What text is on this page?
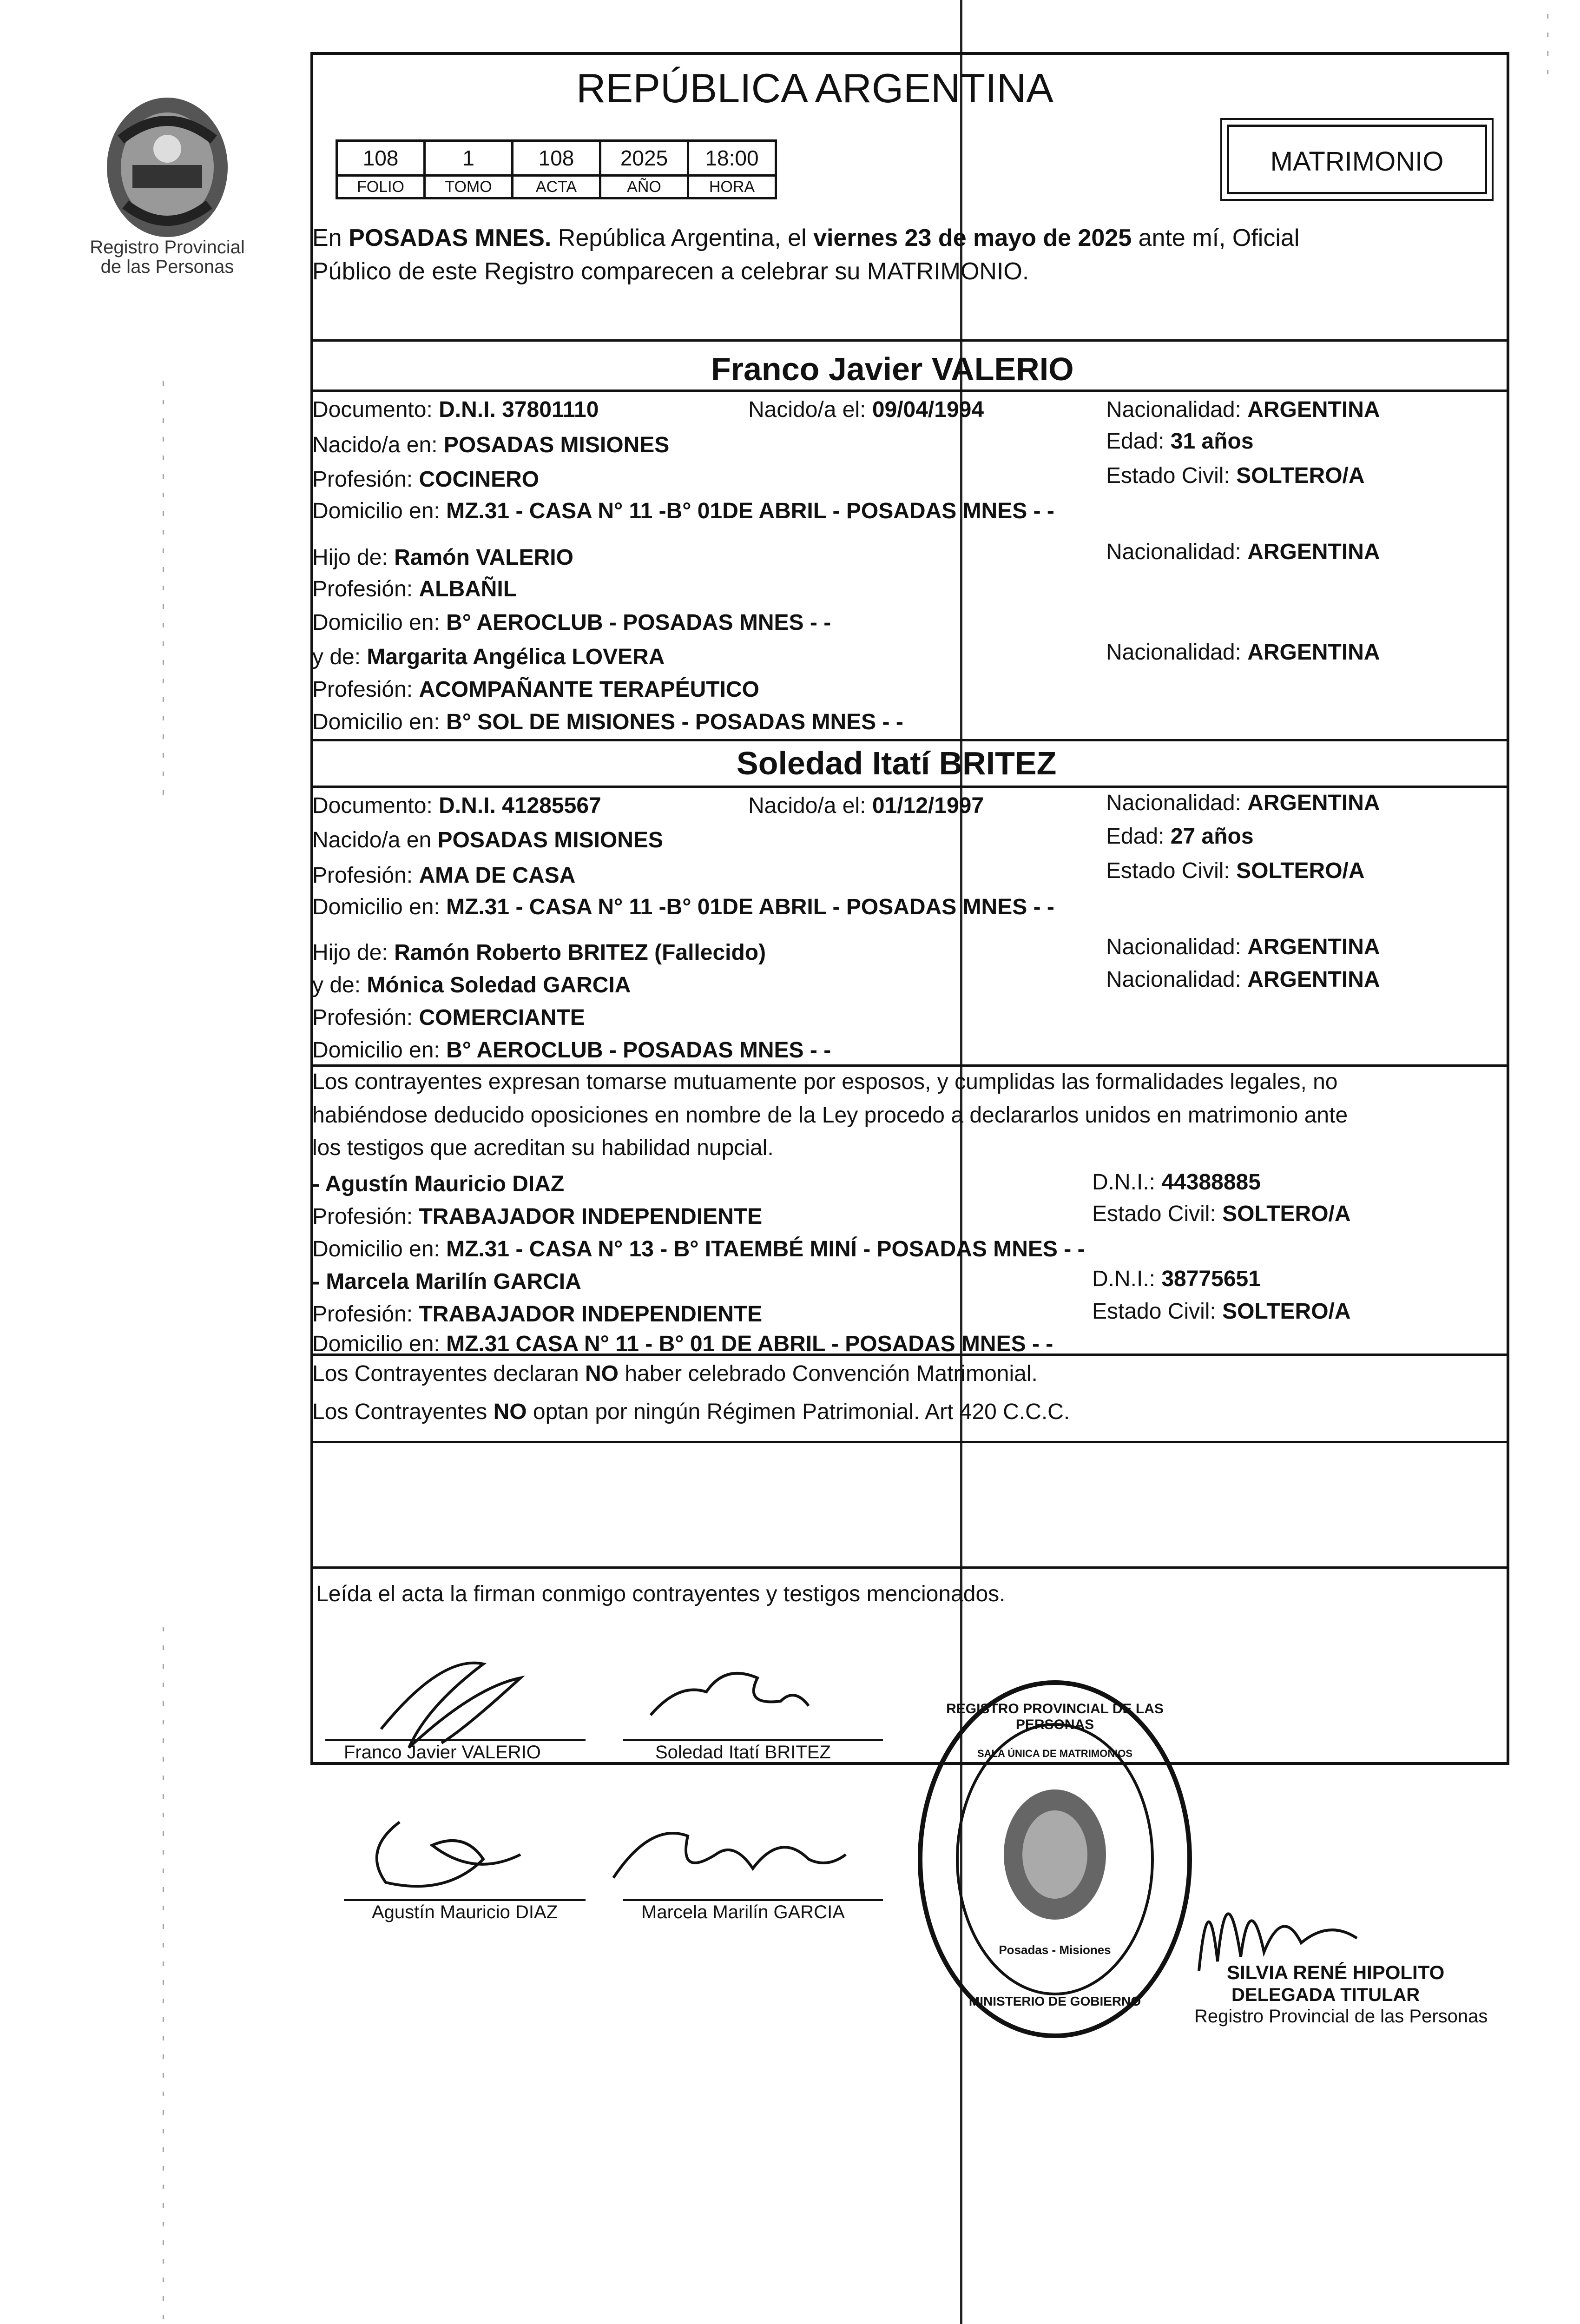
Registro Provincial
de las Personas
REPÚBLICA ARGENTINA
108	1	108	2025	18:00
FOLIO	TOMO	ACTA	AÑO	HORA
MATRIMONIO
En POSADAS MNES. República Argentina, el viernes 23 de mayo de 2025 ante mí, Oficial
Público de este Registro comparecen a celebrar su MATRIMONIO.
Franco Javier VALERIO
Documento: D.N.I. 37801110	Nacido/a el: 09/04/1994	Nacionalidad: ARGENTINA
Nacido/a en: POSADAS MISIONES	Edad: 31 años
Profesión: COCINERO	Estado Civil: SOLTERO/A
Domicilio en: MZ.31 - CASA N° 11 -B° 01DE ABRIL - POSADAS MNES - -
Hijo de: Ramón VALERIO	Nacionalidad: ARGENTINA
Profesión: ALBAÑIL
Domicilio en: B° AEROCLUB - POSADAS MNES - -
y de: Margarita Angélica LOVERA	Nacionalidad: ARGENTINA
Profesión: ACOMPAÑANTE TERAPÉUTICO
Domicilio en: B° SOL DE MISIONES - POSADAS MNES - -
Soledad Itatí BRITEZ
Documento: D.N.I. 41285567	Nacido/a el: 01/12/1997	Nacionalidad: ARGENTINA
Nacido/a en POSADAS MISIONES	Edad: 27 años
Profesión: AMA DE CASA	Estado Civil: SOLTERO/A
Domicilio en: MZ.31 - CASA N° 11 -B° 01DE ABRIL - POSADAS MNES - -
Hijo de: Ramón Roberto BRITEZ (Fallecido)	Nacionalidad: ARGENTINA
y de: Mónica Soledad GARCIA	Nacionalidad: ARGENTINA
Profesión: COMERCIANTE
Domicilio en: B° AEROCLUB - POSADAS MNES - -
Los contrayentes expresan tomarse mutuamente por esposos, y cumplidas las formalidades legales, no
habiéndose deducido oposiciones en nombre de la Ley procedo a declararlos unidos en matrimonio ante
los testigos que acreditan su habilidad nupcial.
- Agustín Mauricio DIAZ	D.N.I.: 44388885
Profesión: TRABAJADOR INDEPENDIENTE	Estado Civil: SOLTERO/A
Domicilio en: MZ.31 - CASA N° 13 - B° ITAEMBÉ MINÍ - POSADAS MNES - -
- Marcela Marilín GARCIA	D.N.I.: 38775651
Profesión: TRABAJADOR INDEPENDIENTE	Estado Civil: SOLTERO/A
Domicilio en: MZ.31 CASA N° 11 - B° 01 DE ABRIL - POSADAS MNES - -
Los Contrayentes declaran NO haber celebrado Convención Matrimonial.
Los Contrayentes NO optan por ningún Régimen Patrimonial. Art 420 C.C.C.
Leída el acta la firman conmigo contrayentes y testigos mencionados.
Franco Javier VALERIO	Soledad Itatí BRITEZ
Agustín Mauricio DIAZ	Marcela Marilín GARCIA
REGISTRO PROVINCIAL DE LAS PERSONAS
SALA ÚNICA DE MATRIMONIOS
Posadas - Misiones
MINISTERIO DE GOBIERNO
SILVIA RENÉ HIPOLITO
DELEGADA TITULAR
Registro Provincial de las Personas
